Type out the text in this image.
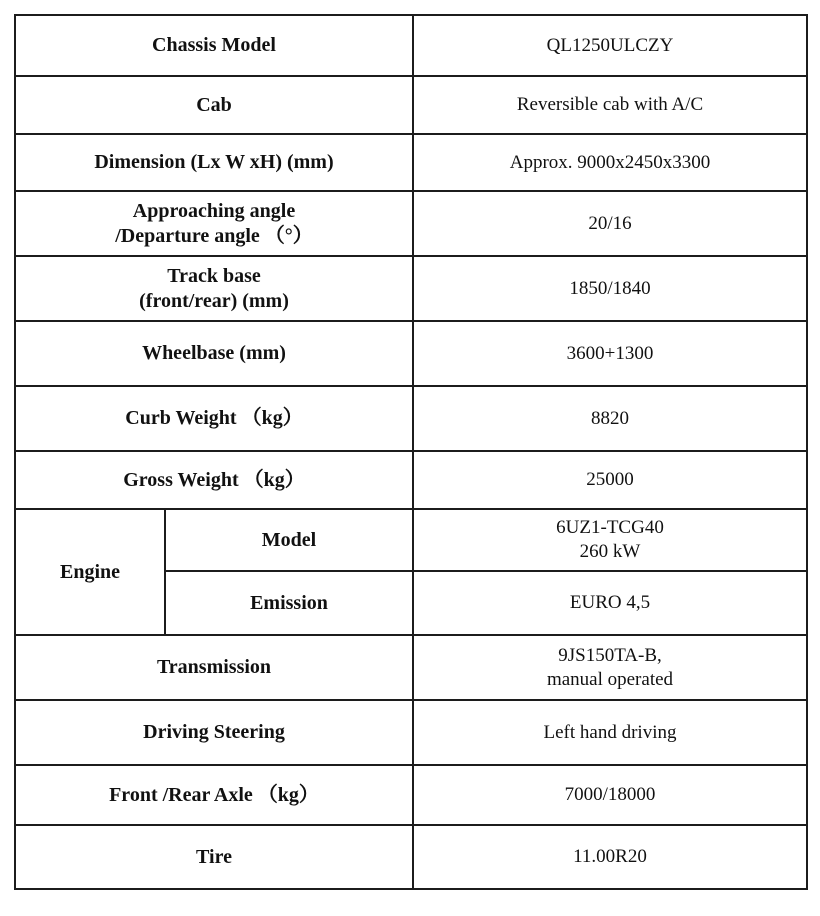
Chassis Model		QL1250ULCZY
Cab		Reversible cab with A/C
Dimension (Lx W xH) (mm)		Approx. 9000x2450x3300

Approaching angle
/Departure angle （°）		20/16

Track base
(front/rear) (mm)		1850/1840
Wheelbase (mm)		3600+1300
Curb Weight （kg）		8820
Gross Weight （kg）		25000
Engine	Model	6UZ1-TCG40
260 kW

	Emission	EURO 4,5
Transmission		9JS150TA-B,
manual operated

Driving Steering		Left hand driving
Front /Rear Axle （kg）		7000/18000
Tire		11.00R20
